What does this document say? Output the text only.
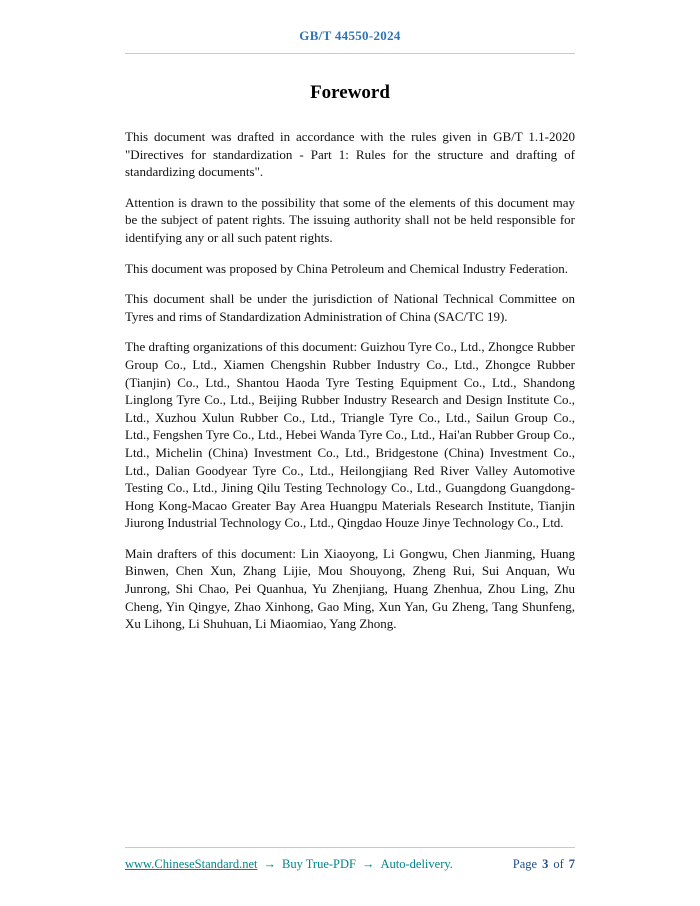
GB/T 44550-2024
Foreword

This document was drafted in accordance with the rules given in GB/T 1.1-2020 "Directives for standardization - Part 1: Rules for the structure and drafting of standardizing documents".

Attention is drawn to the possibility that some of the elements of this document may be the subject of patent rights. The issuing authority shall not be held responsible for identifying any or all such patent rights.

This document was proposed by China Petroleum and Chemical Industry Federation.

This document shall be under the jurisdiction of National Technical Committee on Tyres and rims of Standardization Administration of China (SAC/TC 19).

The drafting organizations of this document: Guizhou Tyre Co., Ltd., Zhongce Rubber Group Co., Ltd., Xiamen Chengshin Rubber Industry Co., Ltd., Zhongce Rubber (Tianjin) Co., Ltd., Shantou Haoda Tyre Testing Equipment Co., Ltd., Shandong Linglong Tyre Co., Ltd., Beijing Rubber Industry Research and Design Institute Co., Ltd., Xuzhou Xulun Rubber Co., Ltd., Triangle Tyre Co., Ltd., Sailun Group Co., Ltd., Fengshen Tyre Co., Ltd., Hebei Wanda Tyre Co., Ltd., Hai'an Rubber Group Co., Ltd., Michelin (China) Investment Co., Ltd., Bridgestone (China) Investment Co., Ltd., Dalian Goodyear Tyre Co., Ltd., Heilongjiang Red River Valley Automotive Testing Co., Ltd., Jining Qilu Testing Technology Co., Ltd., Guangdong Guangdong-Hong Kong-Macao Greater Bay Area Huangpu Materials Research Institute, Tianjin Jiurong Industrial Technology Co., Ltd., Qingdao Houze Jinye Technology Co., Ltd.

Main drafters of this document: Lin Xiaoyong, Li Gongwu, Chen Jianming, Huang Binwen, Chen Xun, Zhang Lijie, Mou Shouyong, Zheng Rui, Sui Anquan, Wu Junrong, Shi Chao, Pei Quanhua, Yu Zhenjiang, Huang Zhenhua, Zhou Ling, Zhu Cheng, Yin Qingye, Zhao Xinhong, Gao Ming, Xun Yan, Gu Zheng, Tang Shunfeng, Xu Lihong, Li Shuhuan, Li Miaomiao, Yang Zhong.

www.ChineseStandard.net → Buy True-PDF → Auto-delivery.	Page 3 of 7
